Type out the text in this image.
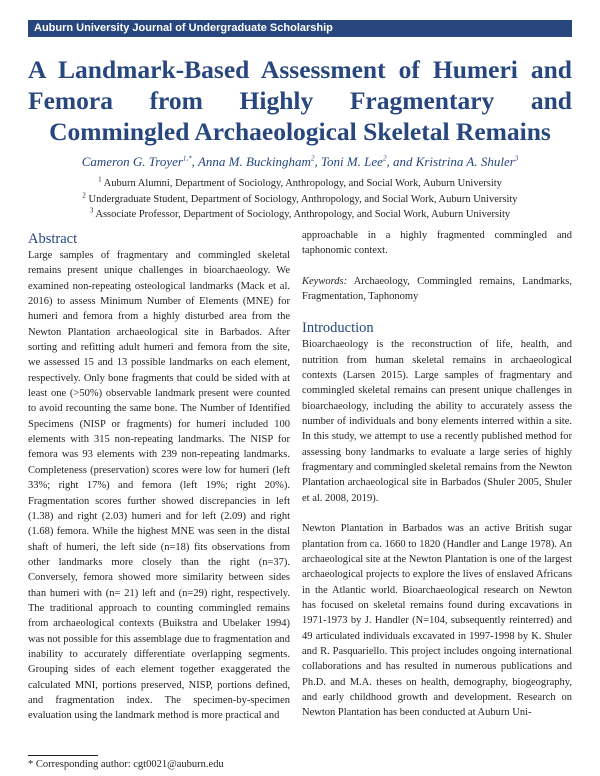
Auburn University Journal of Undergraduate Scholarship
A Landmark-Based Assessment of Humeri and Femora from Highly Fragmentary and Commingled Archaeological Skeletal Remains
Cameron G. Troyer$^{1,*}$, Anna M. Buckingham$^2$, Toni M. Lee$^2$, and Kristrina A. Shuler$^3$
$^1$ Auburn Alumni, Department of Sociology, Anthropology, and Social Work, Auburn University
$^2$ Undergraduate Student, Department of Sociology, Anthropology, and Social Work, Auburn University
$^3$ Associate Professor, Department of Sociology, Anthropology, and Social Work, Auburn University
Abstract

Large samples of fragmentary and commingled skeletal remains present unique challenges in bioarchaeology. We examined non-repeating osteological landmarks (Mack et al. 2016) to assess Minimum Number of Elements (MNE) for humeri and femora from a highly disturbed area from the Newton Plantation archaeological site in Barbados. After sorting and refitting adult humeri and femora from the site, we assessed 15 and 13 possible landmarks on each element, respectively. Only bone fragments that could be sided with at least one (>50%) observable landmark present were counted to avoid recounting the same bone. The Number of Identified Specimens (NISP or fragments) for humeri included 100 elements with 315 non-repeating landmarks. The NISP for femora was 93 elements with 239 non-repeating landmarks. Completeness (preservation) scores were low for humeri (left 33%; right 17%) and femora (left 19%; right 20%). Fragmentation scores further showed discrepancies in left (1.38) and right (2.03) humeri and for left (2.09) and right (1.68) femora. While the highest MNE was seen in the distal shaft of humeri, the left side (n=18) fits observations from other landmarks more closely than the right (n=37). Conversely, femora showed more similarity between sides than humeri with (n= 21) left and (n=29) right, respectively. The traditional approach to counting commingled remains from archaeological contexts (Buikstra and Ubelaker 1994) was not possible for this assemblage due to fragmentation and inability to accurately differentiate overlapping segments. Grouping sides of each element together exaggerated the calculated MNI, portions preserved, NISP, portions defined, and fragmentation index. The specimen-by-specimen evaluation using the landmark method is more practical and

approachable in a highly fragmented commingled and taphonomic context.

Keywords: Archaeology, Commingled remains, Landmarks, Fragmentation, Taphonomy

Introduction

Bioarchaeology is the reconstruction of life, health, and nutrition from human skeletal remains in archaeological contexts (Larsen 2015). Large samples of fragmentary and commingled skeletal remains can present unique challenges in bioarchaeology, including the ability to accurately assess the number of individuals and bony elements interred within a site. In this study, we attempt to use a recently published method for assessing bony landmarks to evaluate a large series of highly fragmentary and commingled skeletal remains from the Newton Plantation archaeological site in Barbados (Shuler 2005, Shuler et al. 2008, 2019).

Newton Plantation in Barbados was an active British sugar plantation from ca. 1660 to 1820 (Handler and Lange 1978). An archaeological site at the Newton Plantation is one of the largest archaeological projects to explore the lives of enslaved Africans in the Atlantic world. Bioarchaeological research on Newton has focused on skeletal remains found during excavations in 1971-1973 by J. Handler (N=104, subsequently reinterred) and 49 articulated individuals excavated in 1997-1998 by K. Shuler and R. Pasquariello. This project includes ongoing international collaborations and has resulted in numerous publications and Ph.D. and M.A. theses on health, demography, biogeography, and early childhood growth and development. Research on Newton Plantation has been conducted at Auburn Uni-

* Corresponding author: cgt0021@auburn.edu
